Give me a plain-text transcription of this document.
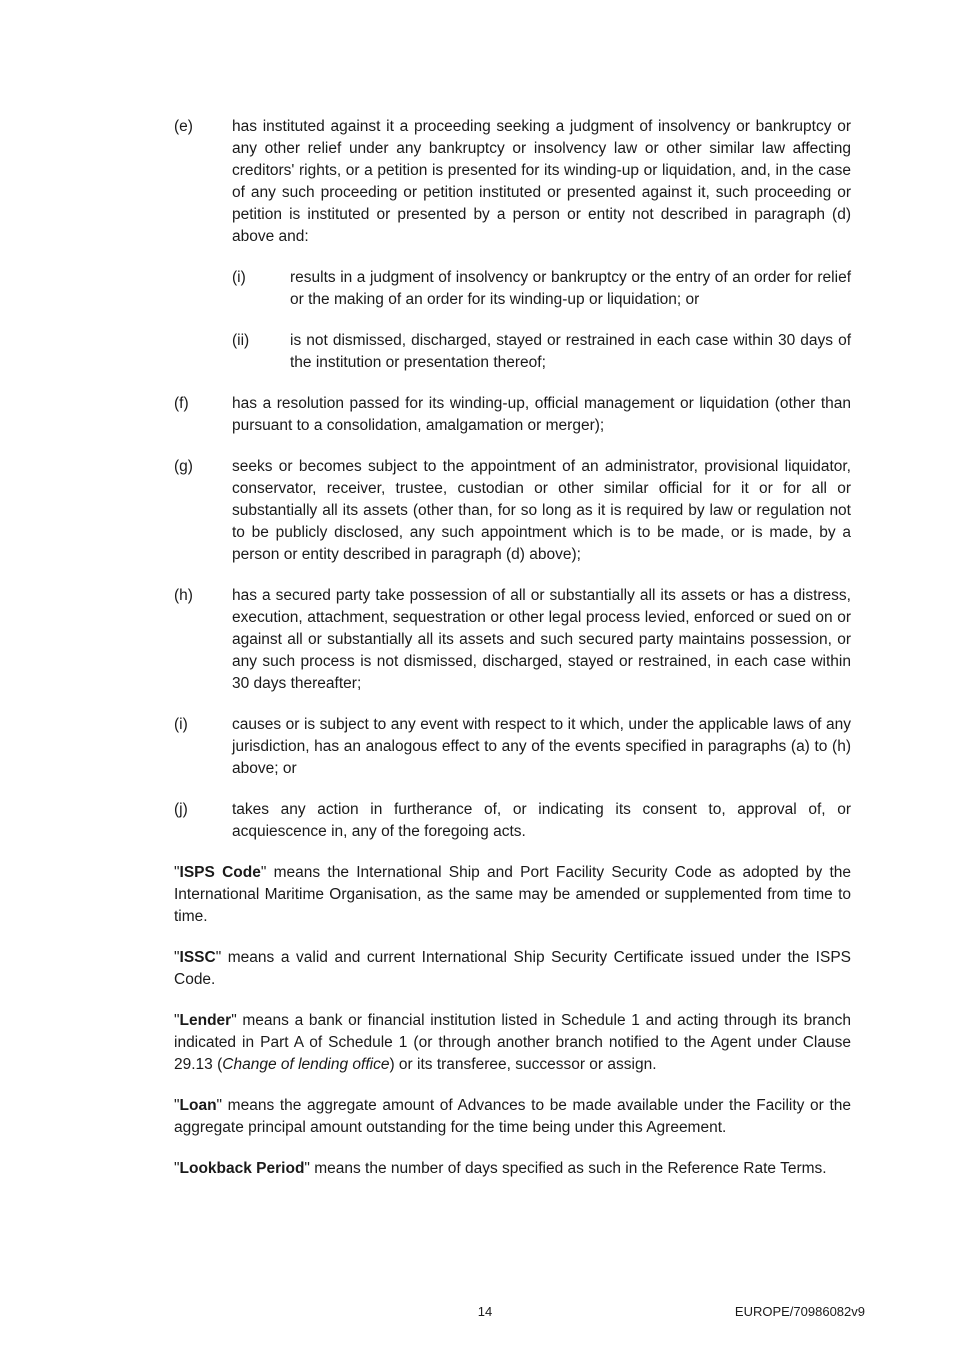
(e)	has instituted against it a proceeding seeking a judgment of insolvency or bankruptcy or any other relief under any bankruptcy or insolvency law or other similar law affecting creditors' rights, or a petition is presented for its winding-up or liquidation, and, in the case of any such proceeding or petition instituted or presented against it, such proceeding or petition is instituted or presented by a person or entity not described in paragraph (d) above and:
(i)	results in a judgment of insolvency or bankruptcy or the entry of an order for relief or the making of an order for its winding-up or liquidation; or
(ii)	is not dismissed, discharged, stayed or restrained in each case within 30 days of the institution or presentation thereof;
(f)	has a resolution passed for its winding-up, official management or liquidation (other than pursuant to a consolidation, amalgamation or merger);
(g)	seeks or becomes subject to the appointment of an administrator, provisional liquidator, conservator, receiver, trustee, custodian or other similar official for it or for all or substantially all its assets (other than, for so long as it is required by law or regulation not to be publicly disclosed, any such appointment which is to be made, or is made, by a person or entity described in paragraph (d) above);
(h)	has a secured party take possession of all or substantially all its assets or has a distress, execution, attachment, sequestration or other legal process levied, enforced or sued on or against all or substantially all its assets and such secured party maintains possession, or any such process is not dismissed, discharged, stayed or restrained, in each case within 30 days thereafter;
(i)	causes or is subject to any event with respect to it which, under the applicable laws of any jurisdiction, has an analogous effect to any of the events specified in paragraphs (a) to (h) above; or
(j)	takes any action in furtherance of, or indicating its consent to, approval of, or acquiescence in, any of the foregoing acts.

"ISPS Code" means the International Ship and Port Facility Security Code as adopted by the International Maritime Organisation, as the same may be amended or supplemented from time to time.

"ISSC" means a valid and current International Ship Security Certificate issued under the ISPS Code.

"Lender" means a bank or financial institution listed in Schedule 1 and acting through its branch indicated in Part A of Schedule 1 (or through another branch notified to the Agent under Clause 29.13 (Change of lending office) or its transferee, successor or assign.

"Loan" means the aggregate amount of Advances to be made available under the Facility or the aggregate principal amount outstanding for the time being under this Agreement.

"Lookback Period" means the number of days specified as such in the Reference Rate Terms.

14	EUROPE/70986082v9
